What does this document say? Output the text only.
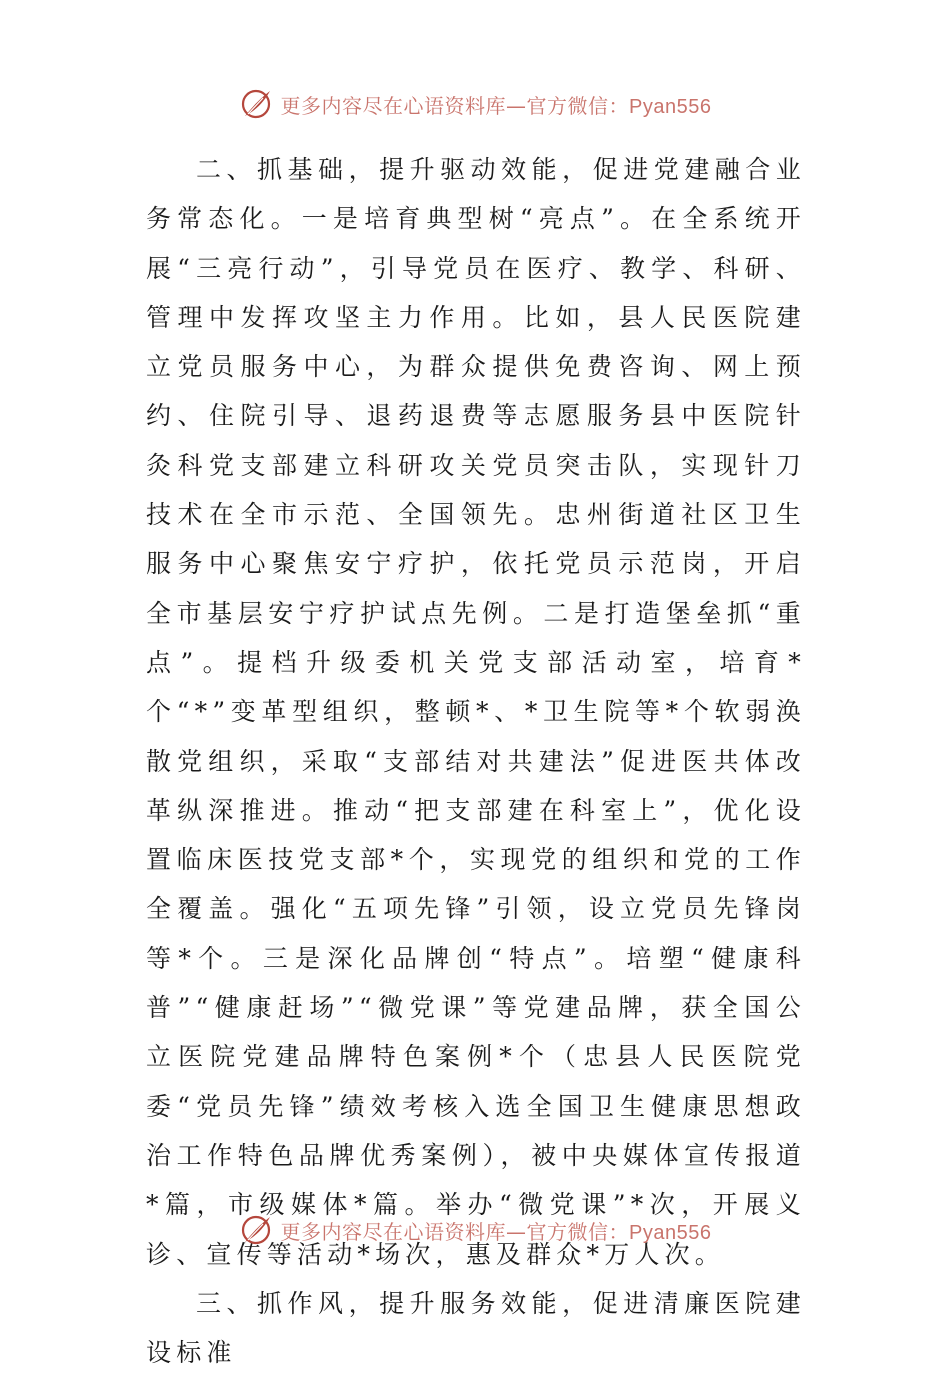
更多内容尽在心语资料库—官方微信：Pyan556

二、抓基础，提升驱动效能，促进党建融合业务常态化。一是培育典型树“亮点”。在全系统开展“三亮行动”，引导党员在医疗、教学、科研、管理中发挥攻坚主力作用。比如，县人民医院建立党员服务中心，为群众提供免费咨询、网上预约、住院引导、退药退费等志愿服务县中医院针灸科党支部建立科研攻关党员突击队，实现针刀技术在全市示范、全国领先。忠州街道社区卫生服务中心聚焦安宁疗护，依托党员示范岗，开启全市基层安宁疗护试点先例。二是打造堡垒抓“重点”。提档升级委机关党支部活动室，培育*个“*”变革型组织，整顿*、*卫生院等*个软弱涣散党组织，采取“支部结对共建法”促进医共体改革纵深推进。推动“把支部建在科室上”，优化设置临床医技党支部*个，实现党的组织和党的工作全覆盖。强化“五项先锋”引领，设立党员先锋岗等*个。三是深化品牌创“特点”。培塑“健康科普”“健康赶场”“微党课”等党建品牌，获全国公立医院党建品牌特色案例*个（忠县人民医院党委“党员先锋”绩效考核入选全国卫生健康思想政治工作特色品牌优秀案例），被中央媒体宣传报道*篇，市级媒体*篇。举办“微党课”*次，开展义诊、宣传等活动*场次，惠及群众*万人次。

三、抓作风，提升服务效能，促进清廉医院建设标准

更多内容尽在心语资料库—官方微信：Pyan556
